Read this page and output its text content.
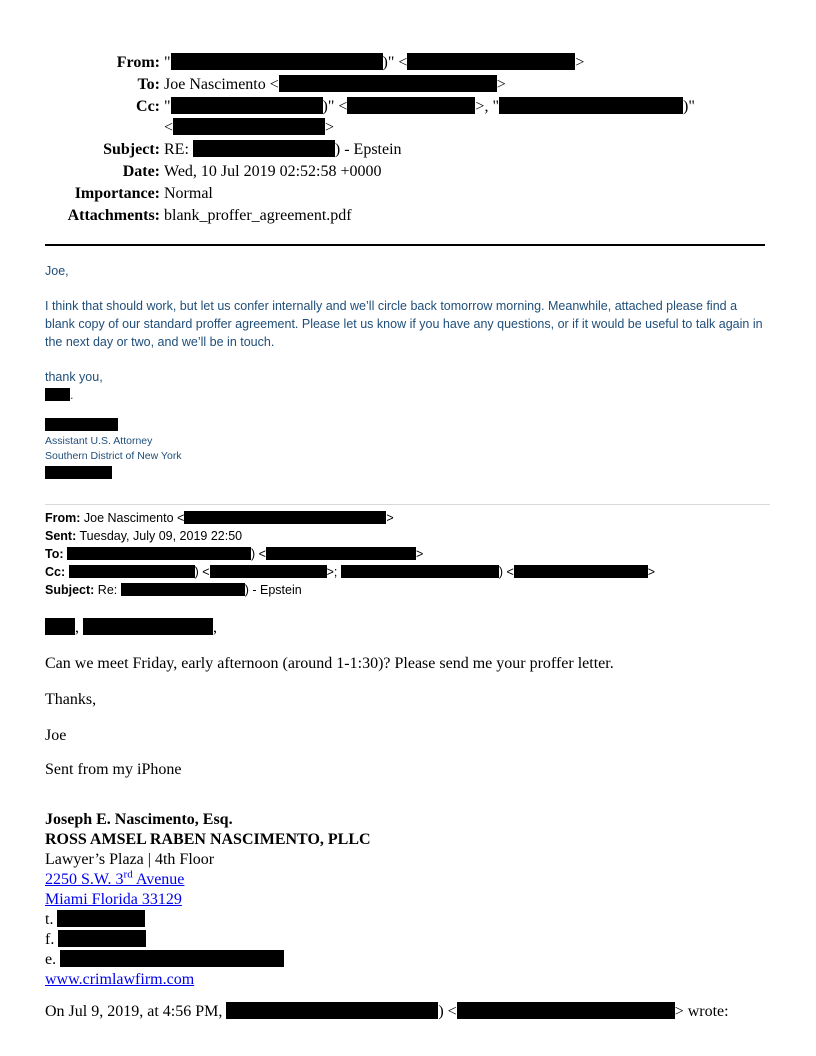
From: "	)" <	>
To: Joe Nascimento <	>
Cc: "	)" <	>, "	)"
<	>
Subject: RE:	) - Epstein
Date: Wed, 10 Jul 2019 02:52:58 +0000
Importance: Normal
Attachments: blank_proffer_agreement.pdf

Joe,

I think that should work, but let us confer internally and we’ll circle back tomorrow morning. Meanwhile, attached please find a blank copy of our standard proffer agreement. Please let us know if you have any questions, or if it would be useful to talk again in the next day or two, and we’ll be in touch.

thank you,

.

Assistant U.S. Attorney

Southern District of New York

From: Joe Nascimento <	>
Sent: Tuesday, July 09, 2019 22:50
To:	) <	>
Cc:	) <	>;	) <	>
Subject: Re:	) - Epstein

,	,

Can we meet Friday, early afternoon (around 1-1:30)? Please send me your proffer letter.

Thanks,

Joe

Sent from my iPhone

Joseph E. Nascimento, Esq.

ROSS AMSEL RABEN NASCIMENTO, PLLC

Lawyer’s Plaza | 4th Floor

2250 S.W. 3rd Avenue

Miami Florida 33129

t.

f.

e.

www.crimlawfirm.com

On Jul 9, 2019, at 4:56 PM,	) <	> wrote:
